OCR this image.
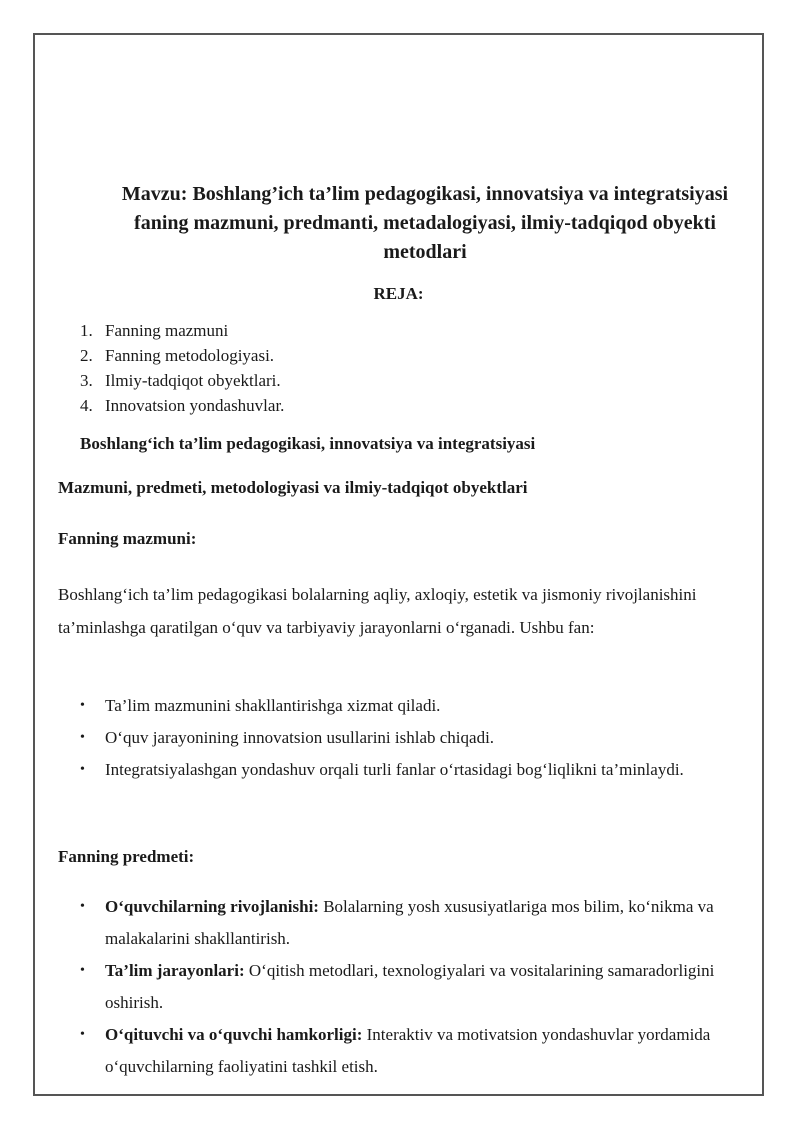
Mavzu: Boshlang’ich ta’lim pedagogikasi, innovatsiya va integratsiyasi faning mazmuni, predmanti, metadalogiyasi, ilmiy-tadqiqod obyekti metodlari
REJA:
1. Fanning mazmuni
2. Fanning metodologiyasi.
3. Ilmiy-tadqiqot obyektlari.
4. Innovatsion yondashuvlar.

Boshlang‘ich ta’lim pedagogikasi, innovatsiya va integratsiyasi

Mazmuni, predmeti, metodologiyasi va ilmiy-tadqiqot obyektlari

Fanning mazmuni:

Boshlang‘ich ta’lim pedagogikasi bolalarning aqliy, axloqiy, estetik va jismoniy rivojlanishini ta’minlashga qaratilgan o‘quv va tarbiyaviy jarayonlarni o‘rganadi. Ushbu fan:

• Ta’lim mazmunini shakllantirishga xizmat qiladi.
• O‘quv jarayonining innovatsion usullarini ishlab chiqadi.
• Integratsiyalashgan yondashuv orqali turli fanlar o‘rtasidagi bog‘liqlikni ta’minlaydi.

Fanning predmeti:

• O‘quvchilarning rivojlanishi: Bolalarning yosh xususiyatlariga mos bilim, ko‘nikma va malakalarini shakllantirish.
• Ta’lim jarayonlari: O‘qitish metodlari, texnologiyalari va vositalarining samaradorligini oshirish.
• O‘qituvchi va o‘quvchi hamkorligi: Interaktiv va motivatsion yondashuvlar yordamida o‘quvchilarning faoliyatini tashkil etish.
